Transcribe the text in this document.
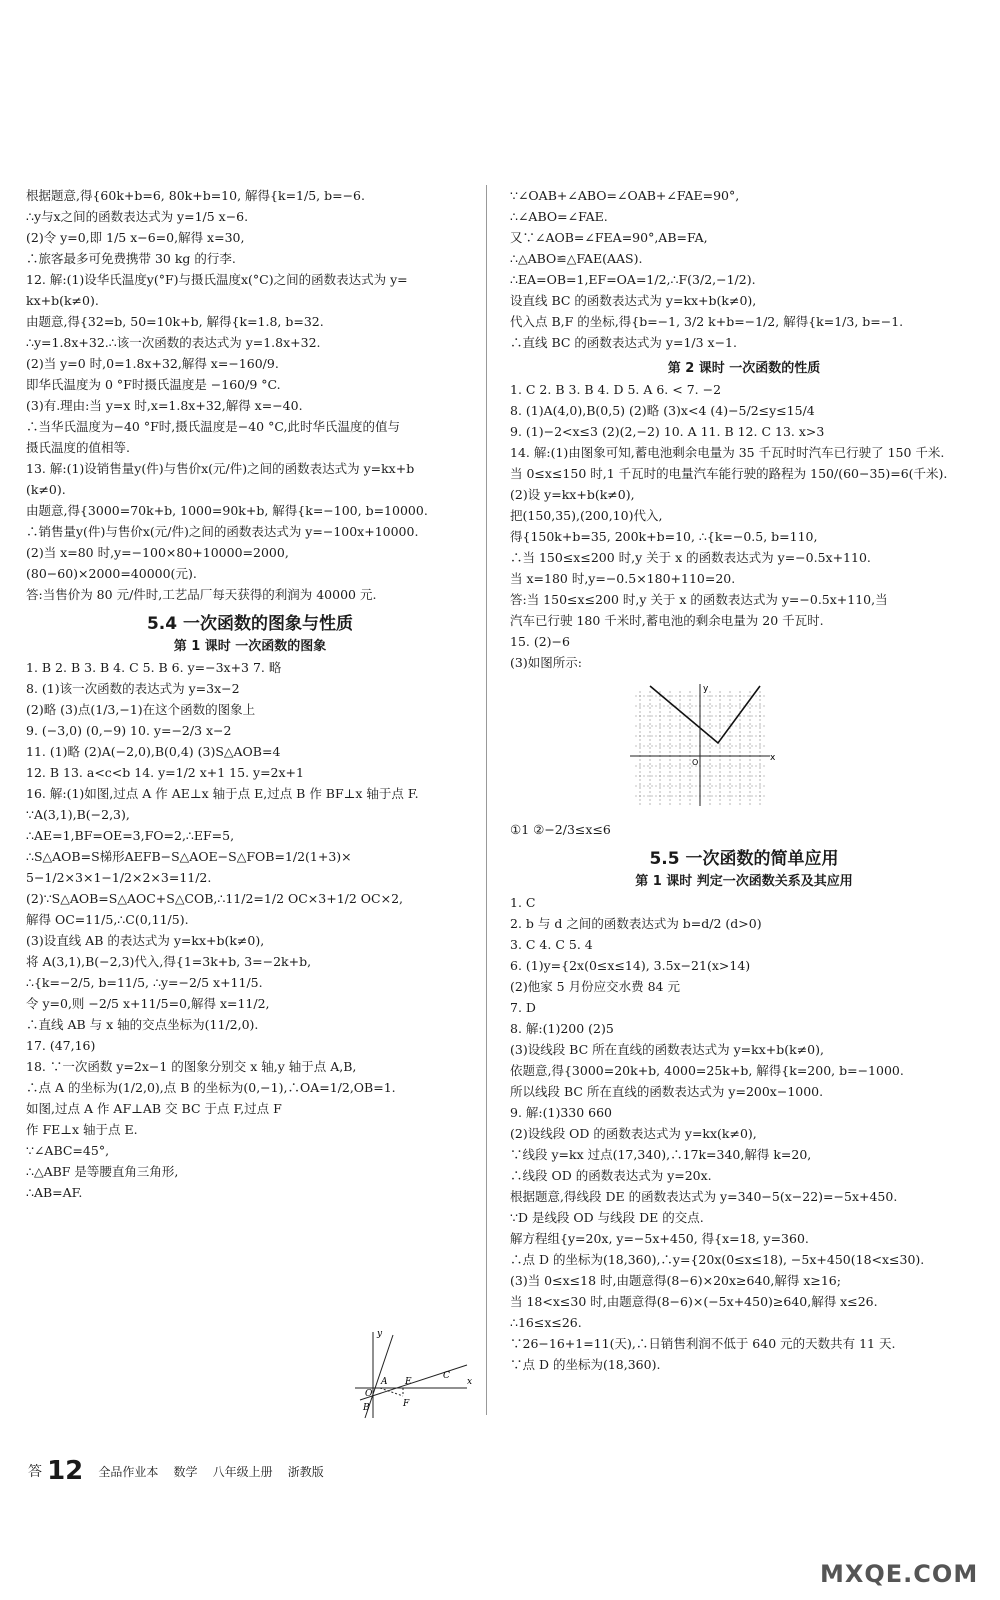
根据题意,得{60k+b=6, 80k+b=10, 解得{k=1/5, b=−6.
∴y与x之间的函数表达式为 y=1/5 x−6.
(2)令 y=0,即 1/5 x−6=0,解得 x=30,
∴旅客最多可免费携带 30 kg 的行李.
12. 解:(1)设华氏温度y(°F)与摄氏温度x(°C)之间的函数表达式为 y=
kx+b(k≠0).
由题意,得{32=b, 50=10k+b, 解得{k=1.8, b=32.
∴y=1.8x+32.∴该一次函数的表达式为 y=1.8x+32.
(2)当 y=0 时,0=1.8x+32,解得 x=−160/9.
即华氏温度为 0 °F时摄氏温度是 −160/9 °C.
(3)有.理由:当 y=x 时,x=1.8x+32,解得 x=−40.
∴当华氏温度为−40 °F时,摄氏温度是−40 °C,此时华氏温度的值与
摄氏温度的值相等.
13. 解:(1)设销售量y(件)与售价x(元/件)之间的函数表达式为 y=kx+b
(k≠0).
由题意,得{3000=70k+b, 1000=90k+b, 解得{k=−100, b=10000.
∴销售量y(件)与售价x(元/件)之间的函数表达式为 y=−100x+10000.
(2)当 x=80 时,y=−100×80+10000=2000,
(80−60)×2000=40000(元).
答:当售价为 80 元/件时,工艺品厂每天获得的利润为 40000 元.
5.4 一次函数的图象与性质
第 1 课时 一次函数的图象
1. B 2. B 3. B 4. C 5. B 6. y=−3x+3 7. 略
8. (1)该一次函数的表达式为 y=3x−2
(2)略 (3)点(1/3,−1)在这个函数的图象上
9. (−3,0) (0,−9) 10. y=−2/3 x−2
11. (1)略 (2)A(−2,0),B(0,4) (3)S△AOB=4
12. B 13. a<c<b 14. y=1/2 x+1 15. y=2x+1
16. 解:(1)如图,过点 A 作 AE⊥x 轴于点 E,过点 B 作 BF⊥x 轴于点 F.
∵A(3,1),B(−2,3),
∴AE=1,BF=OE=3,FO=2,∴EF=5,
∴S△AOB=S梯形AEFB−S△AOE−S△FOB=1/2(1+3)×
5−1/2×3×1−1/2×2×3=11/2.
(2)∵S△AOB=S△AOC+S△COB,∴11/2=1/2 OC×3+1/2 OC×2,
解得 OC=11/5,∴C(0,11/5).
(3)设直线 AB 的表达式为 y=kx+b(k≠0),
将 A(3,1),B(−2,3)代入,得{1=3k+b, 3=−2k+b,
∴{k=−2/5, b=11/5, ∴y=−2/5 x+11/5.
令 y=0,则 −2/5 x+11/5=0,解得 x=11/2,
∴直线 AB 与 x 轴的交点坐标为(11/2,0).
17. (47,16)
18. ∵一次函数 y=2x−1 的图象分别交 x 轴,y 轴于点 A,B,
∴点 A 的坐标为(1/2,0),点 B 的坐标为(0,−1),∴OA=1/2,OB=1.
如图,过点 A 作 AF⊥AB 交 BC 于点 F,过点 F
作 FE⊥x 轴于点 E.
∵∠ABC=45°,
∴△ABF 是等腰直角三角形,
∴AB=AF.
∵∠OAB+∠ABO=∠OAB+∠FAE=90°,
∴∠ABO=∠FAE.
又∵∠AOB=∠FEA=90°,AB=FA,
∴△ABO≌△FAE(AAS).
∴EA=OB=1,EF=OA=1/2,∴F(3/2,−1/2).
设直线 BC 的函数表达式为 y=kx+b(k≠0),
代入点 B,F 的坐标,得{b=−1, 3/2 k+b=−1/2, 解得{k=1/3, b=−1.
∴直线 BC 的函数表达式为 y=1/3 x−1.
第 2 课时 一次函数的性质
1. C 2. B 3. B 4. D 5. A 6. < 7. −2
8. (1)A(4,0),B(0,5) (2)略 (3)x<4 (4)−5/2≤y≤15/4
9. (1)−2<x≤3 (2)(2,−2) 10. A 11. B 12. C 13. x>3
14. 解:(1)由图象可知,蓄电池剩余电量为 35 千瓦时时汽车已行驶了 150 千米.
当 0≤x≤150 时,1 千瓦时的电量汽车能行驶的路程为 150/(60−35)=6(千米).
(2)设 y=kx+b(k≠0),
把(150,35),(200,10)代入,
得{150k+b=35, 200k+b=10, ∴{k=−0.5, b=110,
∴当 150≤x≤200 时,y 关于 x 的函数表达式为 y=−0.5x+110.
当 x=180 时,y=−0.5×180+110=20.
答:当 150≤x≤200 时,y 关于 x 的函数表达式为 y=−0.5x+110,当
汽车已行驶 180 千米时,蓄电池的剩余电量为 20 千瓦时.
15. (2)−6
(3)如图所示:
y
x
O
①1 ②−2/3≤x≤6
5.5 一次函数的简单应用
第 1 课时 判定一次函数关系及其应用
1. C
2. b 与 d 之间的函数表达式为 b=d/2 (d>0)
3. C 4. C 5. 4
6. (1)y={2x(0≤x≤14), 3.5x−21(x>14)
(2)他家 5 月份应交水费 84 元
7. D
8. 解:(1)200 (2)5
(3)设线段 BC 所在直线的函数表达式为 y=kx+b(k≠0),
依题意,得{3000=20k+b, 4000=25k+b, 解得{k=200, b=−1000.
所以线段 BC 所在直线的函数表达式为 y=200x−1000.
9. 解:(1)330 660
(2)设线段 OD 的函数表达式为 y=kx(k≠0),
∵线段 y=kx 过点(17,340),∴17k=340,解得 k=20,
∴线段 OD 的函数表达式为 y=20x.
根据题意,得线段 DE 的函数表达式为 y=340−5(x−22)=−5x+450.
∵D 是线段 OD 与线段 DE 的交点.
解方程组{y=20x, y=−5x+450, 得{x=18, y=360.
∴点 D 的坐标为(18,360),∴y={20x(0≤x≤18), −5x+450(18<x≤30).
(3)当 0≤x≤18 时,由题意得(8−6)×20x≥640,解得 x≥16;
当 18<x≤30 时,由题意得(8−6)×(−5x+450)≥640,解得 x≤26.
∴16≤x≤26.
∵26−16+1=11(天),∴日销售利润不低于 640 元的天数共有 11 天.
∵点 D 的坐标为(18,360).
y
x
A
B
C
E
F
O
答 12 全品作业本 数学 八年级上册 浙教版
MXQE.COM
